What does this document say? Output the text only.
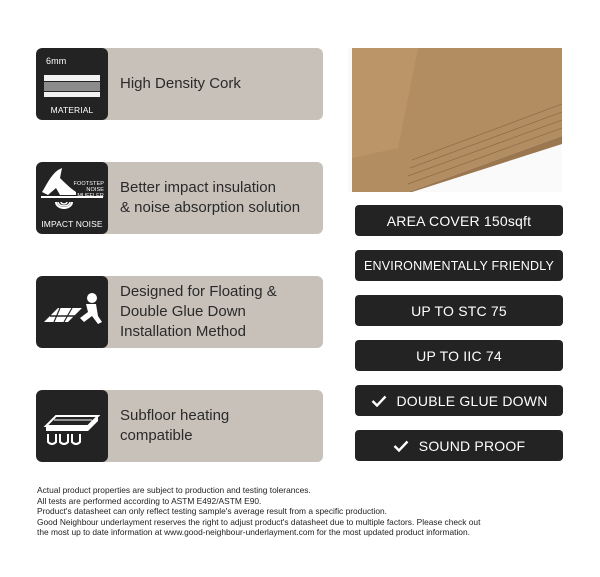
6mm
MATERIAL
High Density Cork
FOOTSTEP
NOISE
MUFFLER
IMPACT NOISE
Better impact insulation
& noise absorption solution
Designed for Floating &
Double Glue Down
Installation Method
Subfloor heating
compatible
AREA COVER 150sqft
ENVIRONMENTALLY FRIENDLY
UP TO STC 75
UP TO IIC 74
DOUBLE GLUE DOWN
SOUND PROOF
Actual product properties are subject to production and testing tolerances.
All tests are performed according to ASTM E492/ASTM E90.
Product's datasheet can only reflect testing sample's average result from a specific production.
Good Neighbour underlayment reserves the right to adjust product's datasheet due to multiple factors. Please check out
the most up to date information at www.good-neighbour-underlayment.com for the most updated product information.
